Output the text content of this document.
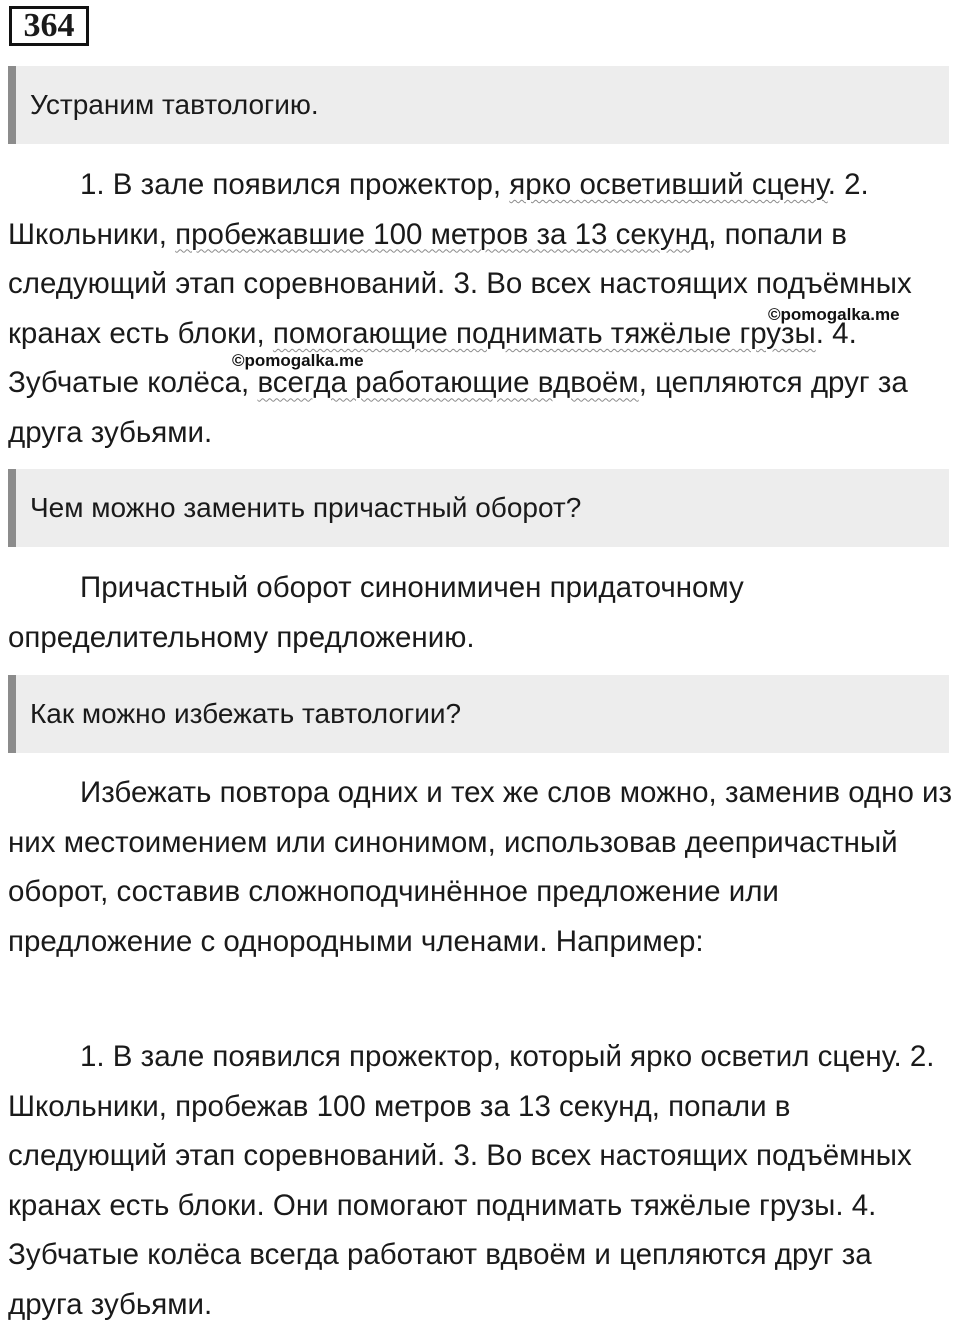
364
Устраним тавтологию.

1. В зале появился прожектор, ярко осветивший сцену. 2. Школьники, пробежавшие 100 метров за 13 секунд, попали в следующий этап соревнований. 3. Во всех настоящих подъёмных кранах есть блоки, помогающие поднимать тяжёлые грузы. 4. Зубчатые колёса, всегда работающие вдвоём, цепляются друг за друга зубьями.

©pomogalka.me
©pomogalka.me
Чем можно заменить причастный оборот?

Причастный оборот синонимичен придаточному определительному предложению.

Как можно избежать тавтологии?

Избежать повтора одних и тех же слов можно, заменив одно из них местоимением или синонимом, использовав деепричастный оборот, составив сложноподчинённое предложение или предложение с однородными членами. Например:

1. В зале появился прожектор, который ярко осветил сцену. 2. Школьники, пробежав 100 метров за 13 секунд, попали в следующий этап соревнований. 3. Во всех настоящих подъёмных кранах есть блоки. Они помогают поднимать тяжёлые грузы. 4. Зубчатые колёса всегда работают вдвоём и цепляются друг за друга зубьями.
